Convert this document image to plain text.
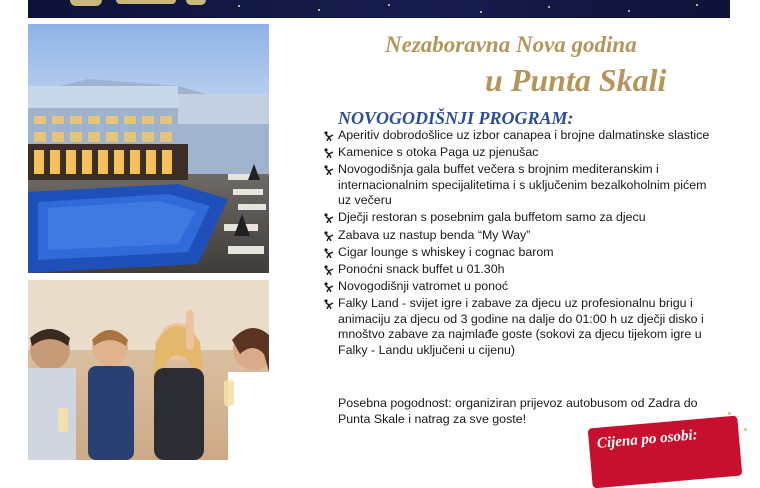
Nezaboravna Nova godina
u Punta Skali
NOVOGODIŠNJI PROGRAM:
Aperitiv dobrodošlice uz izbor canapea i brojne dalmatinske slastice
Kamenice s otoka Paga uz pjenušac
Novogodišnja gala buffet večera s brojnim mediteranskim i internacionalnim specijalitetima i s uključenim bezalkoholnim pićem uz večeru
Dječji restoran s posebnim gala buffetom samo za djecu
Zabava uz nastup benda “My Way”
Cigar lounge s whiskey i cognac barom
Ponoćni snack buffet u 01.30h
Novogodišnji vatromet u ponoć
Falky Land - svijet igre i zabave za djecu uz profesionalnu brigu i animaciju za djecu od 3 godine na dalje do 01:00 h uz dječji disko i mnoštvo zabave za najmlađe goste (sokovi za djecu tijekom igre u Falky - Landu uključeni u cijenu)

Posebna pogodnost: organiziran prijevoz autobusom od Zadra do Punta Skale i natrag za sve goste!

Cijena po osobi:
